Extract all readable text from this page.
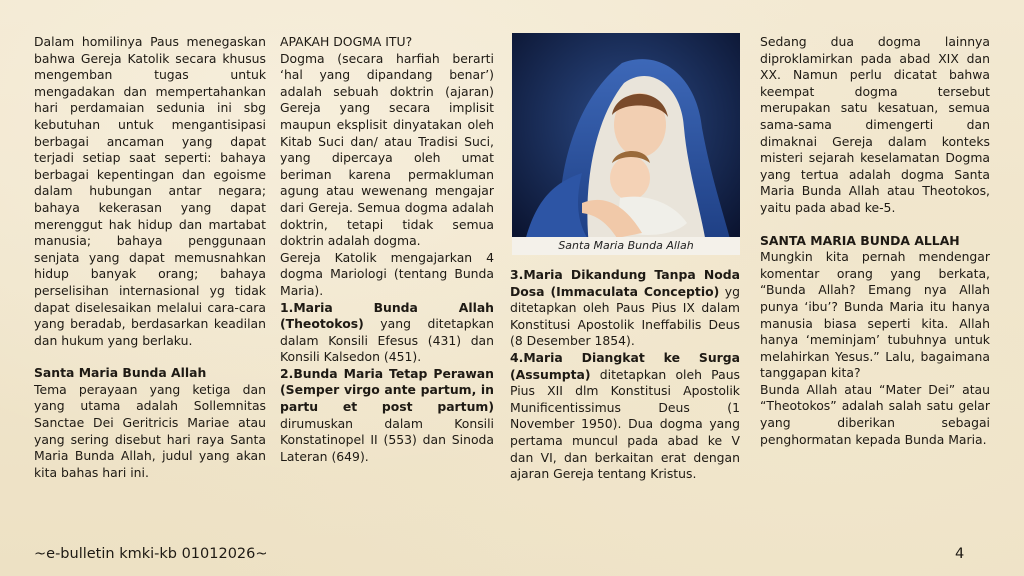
Dalam homilinya Paus menegaskan bahwa Gereja Katolik secara khusus mengemban tugas untuk mengadakan dan mempertahankan hari perdamaian sedunia ini sbg kebutuhan untuk mengantisipasi berbagai ancaman yang dapat terjadi setiap saat seperti: bahaya berbagai kepentingan dan egoisme dalam hubungan antar negara; bahaya kekerasan yang dapat merenggut hak hidup dan martabat manusia; bahaya penggunaan senjata yang dapat memusnahkan hidup banyak orang; bahaya perselisihan internasional yg tidak dapat diselesaikan melalui cara-cara yang beradab, berdasarkan keadilan dan hukum yang berlaku.

Santa Maria Bunda Allah

Tema perayaan yang ketiga dan yang utama adalah Sollemnitas Sanctae Dei Geritricis Mariae atau yang sering disebut hari raya Santa Maria Bunda Allah, judul yang akan kita bahas hari ini.

APAKAH DOGMA ITU?

Dogma (secara harfiah berarti ‘hal yang dipandang benar’) adalah sebuah doktrin (ajaran) Gereja yang secara implisit maupun eksplisit dinyatakan oleh Kitab Suci dan/ atau Tradisi Suci, yang dipercaya oleh umat beriman karena permakluman agung atau wewenang mengajar dari Gereja. Semua dogma adalah doktrin, tetapi tidak semua doktrin adalah dogma.

Gereja Katolik mengajarkan 4 dogma Mariologi (tentang Bunda Maria).

1.Maria Bunda Allah (Theotokos) yang ditetapkan dalam Konsili Efesus (431) dan Konsili Kalsedon (451).

2.Bunda Maria Tetap Perawan (Semper virgo ante partum, in partu et post partum) dirumuskan dalam Konsili Konstatinopel II (553) dan Sinoda Lateran (649).

Santa Maria Bunda Allah

3.Maria Dikandung Tanpa Noda Dosa (Immaculata Conceptio) yg ditetapkan oleh Paus Pius IX dalam Konstitusi Apostolik Ineffabilis Deus (8 Desember 1854).

4.Maria Diangkat ke Surga (Assumpta) ditetapkan oleh Paus Pius XII dlm Konstitusi Apostolik Munificentissimus Deus (1 November 1950). Dua dogma yang pertama muncul pada abad ke V dan VI, dan berkaitan erat dengan ajaran Gereja tentang Kristus.

Sedang dua dogma lainnya diproklamirkan pada abad XIX dan XX. Namun perlu dicatat bahwa keempat dogma tersebut merupakan satu kesatuan, semua sama-sama dimengerti dan dimaknai Gereja dalam konteks misteri sejarah keselamatan Dogma yang tertua adalah dogma Santa Maria Bunda Allah atau Theotokos, yaitu pada abad ke-5.

SANTA MARIA BUNDA ALLAH

Mungkin kita pernah mendengar komentar orang yang berkata, “Bunda Allah? Emang nya Allah punya ‘ibu’? Bunda Maria itu hanya manusia biasa seperti kita. Allah hanya ‘meminjam’ tubuhnya untuk melahirkan Yesus.” Lalu, bagaimana tanggapan kita?

Bunda Allah atau “Mater Dei” atau “Theotokos” adalah salah satu gelar yang diberikan sebagai penghormatan kepada Bunda Maria.

~e-bulletin kmki-kb 01012026~	4
